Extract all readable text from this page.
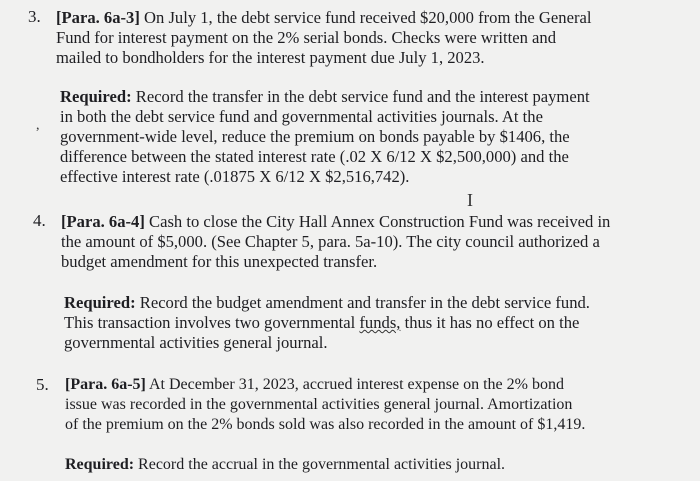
3. [Para. 6a-3] On July 1, the debt service fund received $20,000 from the General
Fund for interest payment on the 2% serial bonds. Checks were written and
mailed to bondholders for the interest payment due July 1, 2023.
Required: Record the transfer in the debt service fund and the interest payment
in both the debt service fund and governmental activities journals. At the
government-wide level, reduce the premium on bonds payable by $1406, the
difference between the stated interest rate (.02 X 6/12 X $2,500,000) and the
effective interest rate (.01875 X 6/12 X $2,516,742).
,
I
4. [Para. 6a-4] Cash to close the City Hall Annex Construction Fund was received in
the amount of $5,000. (See Chapter 5, para. 5a-10). The city council authorized a
budget amendment for this unexpected transfer.
Required: Record the budget amendment and transfer in the debt service fund.
This transaction involves two governmental funds, thus it has no effect on the
governmental activities general journal.
5. [Para. 6a-5] At December 31, 2023, accrued interest expense on the 2% bond
issue was recorded in the governmental activities general journal. Amortization
of the premium on the 2% bonds sold was also recorded in the amount of $1,419.
Required: Record the accrual in the governmental activities journal.
